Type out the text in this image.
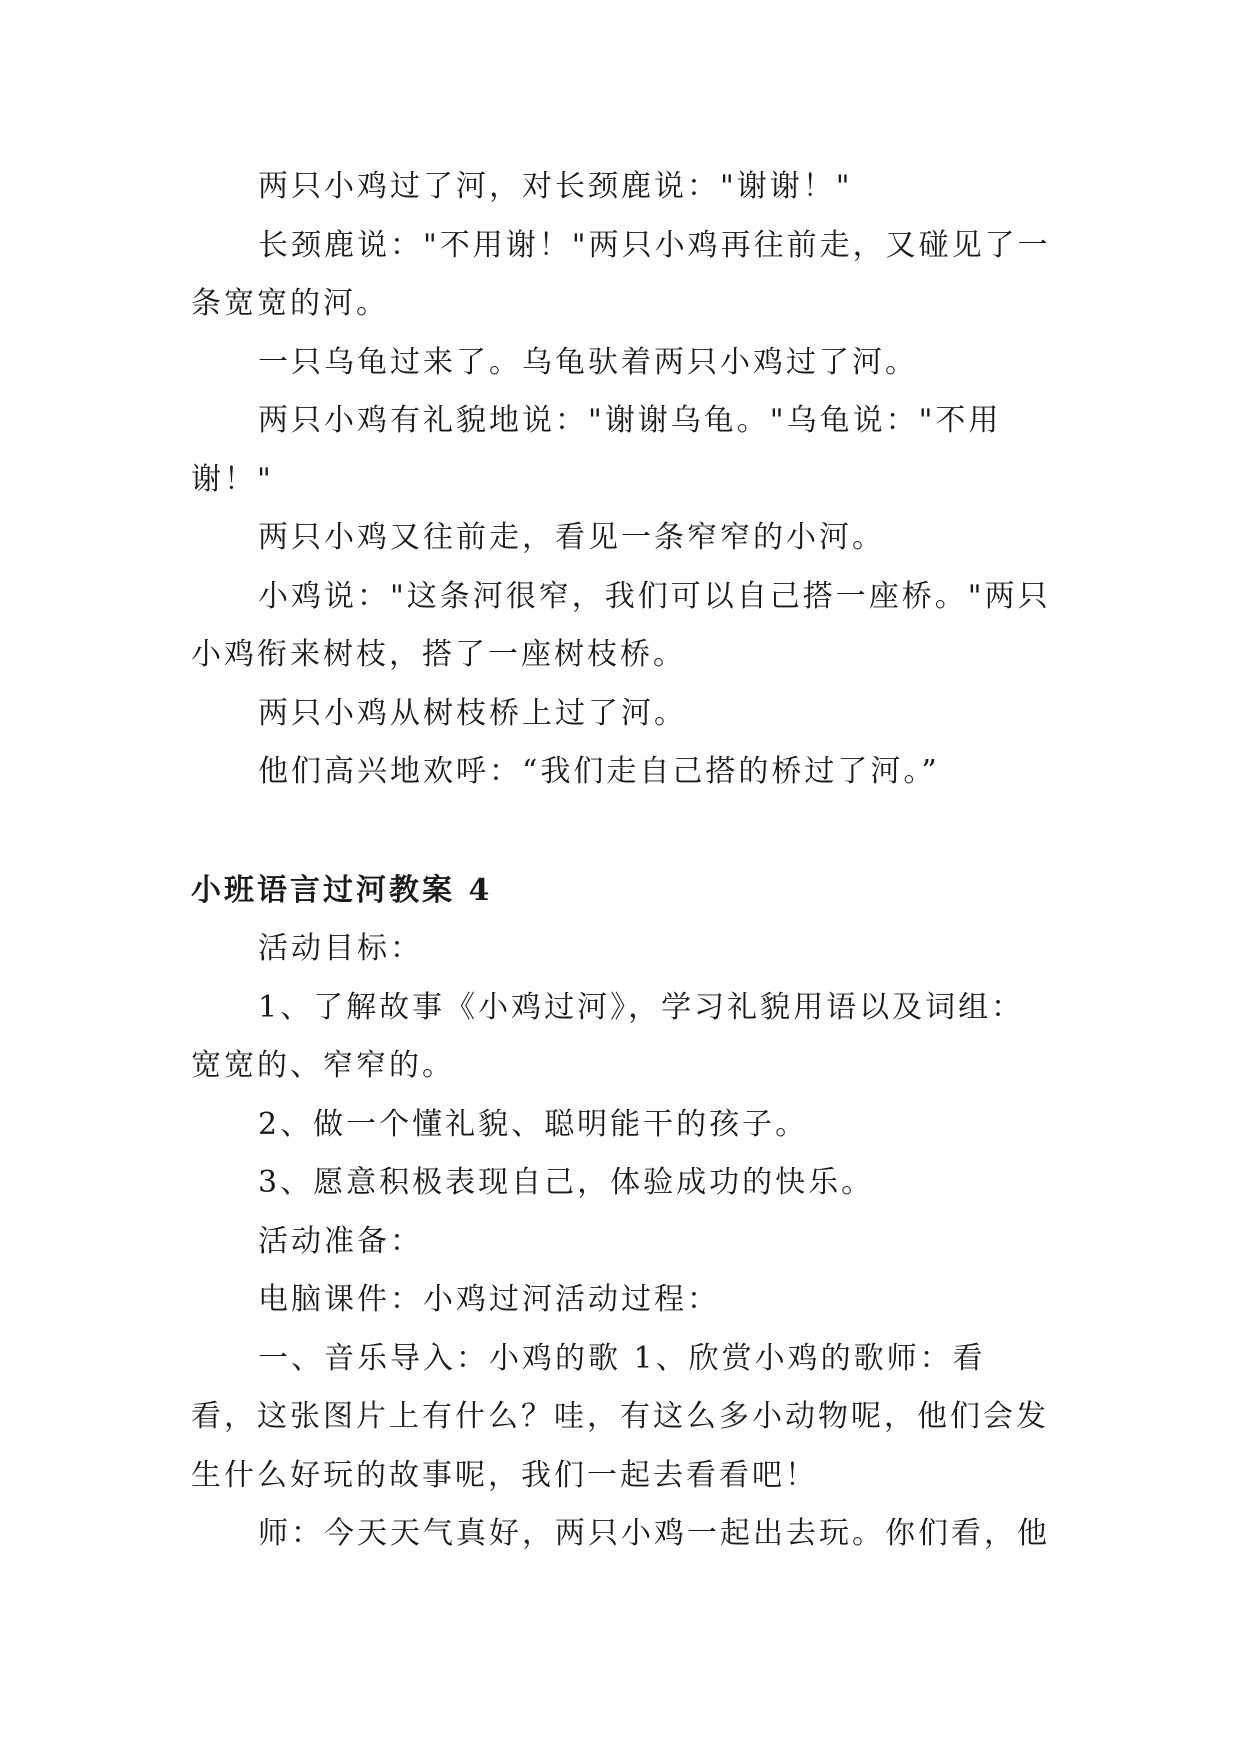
两只小鸡过了河，对长颈鹿说："谢谢！"

长颈鹿说："不用谢！"两只小鸡再往前走，又碰见了一条宽宽的河。

一只乌龟过来了。乌龟驮着两只小鸡过了河。

两只小鸡有礼貌地说："谢谢乌龟。"乌龟说："不用谢！"

两只小鸡又往前走，看见一条窄窄的小河。

小鸡说："这条河很窄，我们可以自己搭一座桥。"两只小鸡衔来树枝，搭了一座树枝桥。

两只小鸡从树枝桥上过了河。

他们高兴地欢呼：“我们走自己搭的桥过了河。”

小班语言过河教案 4

活动目标：

1、了解故事《小鸡过河》，学习礼貌用语以及词组：宽宽的、窄窄的。

2、做一个懂礼貌、聪明能干的孩子。

3、愿意积极表现自己，体验成功的快乐。

活动准备：

电脑课件：小鸡过河活动过程：

一、音乐导入：小鸡的歌 1、欣赏小鸡的歌师：看看，这张图片上有什么？哇，有这么多小动物呢，他们会发生什么好玩的故事呢，我们一起去看看吧！

师：今天天气真好，两只小鸡一起出去玩。你们看，他
